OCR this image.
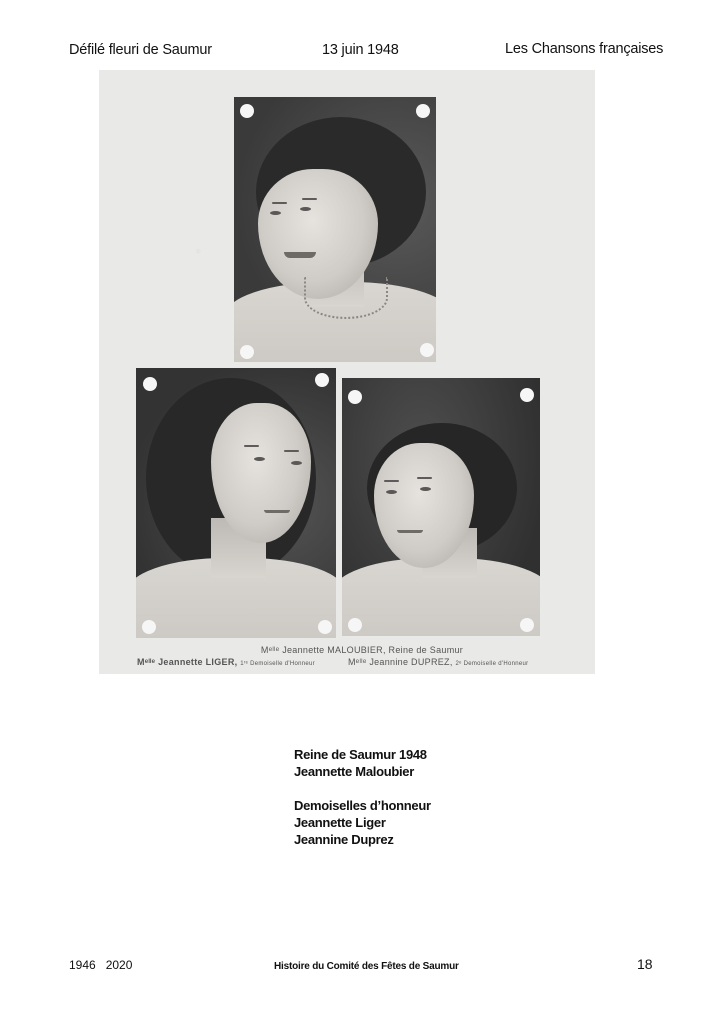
Défilé fleuri de Saumur	13 juin 1948	Les Chansons françaises
Mᵉˡˡᵉ Jeannette MALOUBIER, Reine de Saumur
Mᵉˡˡᵉ Jeannette LIGER, 1ʳᵉ Demoiselle d'Honneur	Mᵉˡˡᵉ Jeannine DUPREZ, 2ᵉ Demoiselle d'Honneur
Reine de Saumur 1948
Jeannette Maloubier
Demoiselles d’honneur
Jeannette Liger
Jeannine Duprez
1946   2020	Histoire du Comité des Fêtes de Saumur	18
